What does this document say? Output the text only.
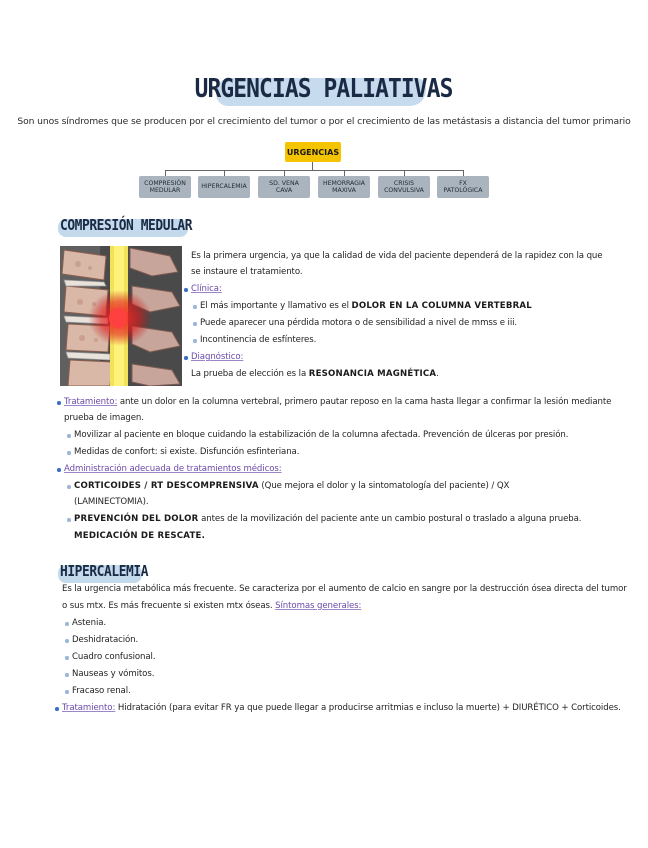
URGENCIAS PALIATIVAS
Son unos síndromes que se producen por el crecimiento del tumor o por el crecimiento de las metástasis a distancia del tumor primario
URGENCIAS
COMPRESIÓN
MEDULAR
HIPERCALEMIA
SD. VENA
CAVA
HEMORRAGIA
MAXIVA
CRISIS
CONVULSIVA
FX
PATOLÓGICA
COMPRESIÓN MEDULAR
Es la primera urgencia, ya que la calidad de vida del paciente dependerá de la rapidez con la que
se instaure el tratamiento.
Clínica:
El más importante y llamativo es el DOLOR EN LA COLUMNA VERTEBRAL
Puede aparecer una pérdida motora o de sensibilidad a nivel de mmss e iii.
Incontinencia de esfínteres.
Diagnóstico:
La prueba de elección es la RESONANCIA MAGNÉTICA.
Tratamiento: ante un dolor en la columna vertebral, primero pautar reposo en la cama hasta llegar a confirmar la lesión mediante
prueba de imagen.
Movilizar al paciente en bloque cuidando la estabilización de la columna afectada. Prevención de úlceras por presión.
Medidas de confort: si existe. Disfunción esfinteriana.
Administración adecuada de tratamientos médicos:
CORTICOIDES / RT DESCOMPRENSIVA (Que mejora el dolor y la sintomatología del paciente) / QX
(LAMINECTOMIA).
PREVENCIÓN DEL DOLOR antes de la movilización del paciente ante un cambio postural o traslado a alguna prueba.
MEDICACIÓN DE RESCATE.
HIPERCALEMIA
Es la urgencia metabólica más frecuente. Se caracteriza por el aumento de calcio en sangre por la destrucción ósea directa del tumor
o sus mtx. Es más frecuente si existen mtx óseas. Síntomas generales:
Astenia.
Deshidratación.
Cuadro confusional.
Nauseas y vómitos.
Fracaso renal.
Tratamiento: Hidratación (para evitar FR ya que puede llegar a producirse arritmias e incluso la muerte) + DIURÉTICO + Corticoides.
